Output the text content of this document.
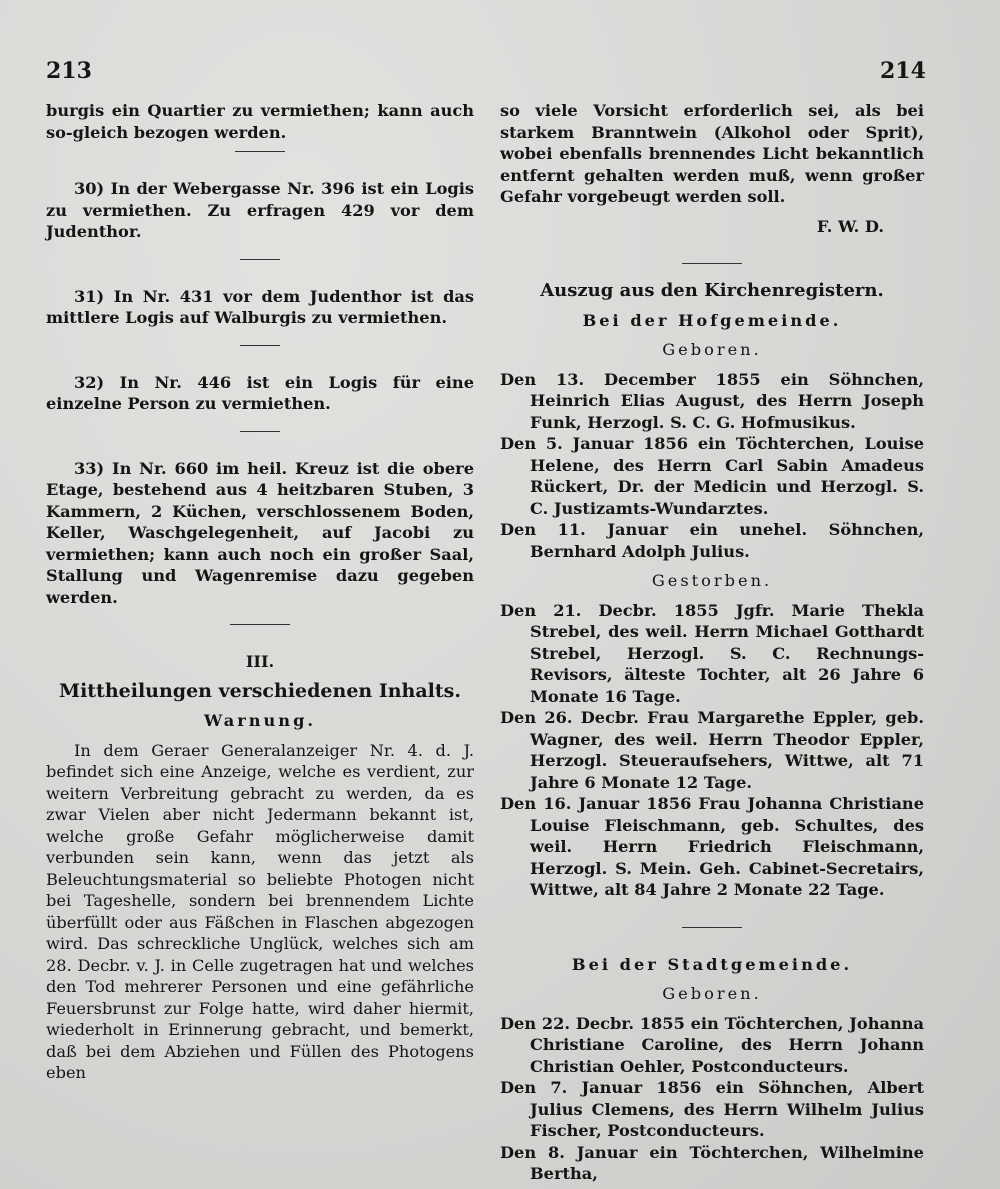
213	214

burgis ein Quartier zu vermiethen; kann auch so-gleich bezogen werden.

30) In der Webergasse Nr. 396 ist ein Logis zu vermiethen. Zu erfragen 429 vor dem Judenthor.

31) In Nr. 431 vor dem Judenthor ist das mittlere Logis auf Walburgis zu vermiethen.

32) In Nr. 446 ist ein Logis für eine einzelne Person zu vermiethen.

33) In Nr. 660 im heil. Kreuz ist die obere Etage, bestehend aus 4 heitzbaren Stuben, 3 Kammern, 2 Küchen, verschlossenem Boden, Keller, Waschgelegenheit, auf Jacobi zu vermiethen; kann auch noch ein großer Saal, Stallung und Wagenremise dazu gegeben werden.

III.
Mittheilungen verschiedenen Inhalts.
Warnung.

In dem Geraer Generalanzeiger Nr. 4. d. J. befindet sich eine Anzeige, welche es verdient, zur weitern Verbreitung gebracht zu werden, da es zwar Vielen aber nicht Jedermann bekannt ist, welche große Gefahr möglicherweise damit verbunden sein kann, wenn das jetzt als Beleuchtungsmaterial so beliebte Photogen nicht bei Tageshelle, sondern bei brennendem Lichte überfüllt oder aus Fäßchen in Flaschen abgezogen wird. Das schreckliche Unglück, welches sich am 28. Decbr. v. J. in Celle zugetragen hat und welches den Tod mehrerer Personen und eine gefährliche Feuersbrunst zur Folge hatte, wird daher hiermit, wiederholt in Erinnerung gebracht, und bemerkt, daß bei dem Abziehen und Füllen des Photogens eben

so viele Vorsicht erforderlich sei, als bei starkem Branntwein (Alkohol oder Sprit), wobei ebenfalls brennendes Licht bekanntlich entfernt gehalten werden muß, wenn großer Gefahr vorgebeugt werden soll.

F. W. D.
Auszug aus den Kirchenregistern.
Bei der Hofgemeinde.
Geboren.

Den 13. December 1855 ein Söhnchen, Heinrich Elias August, des Herrn Joseph Funk, Herzogl. S. C. G. Hofmusikus.

Den 5. Januar 1856 ein Töchterchen, Louise Helene, des Herrn Carl Sabin Amadeus Rückert, Dr. der Medicin und Herzogl. S. C. Justizamts-Wundarztes.

Den 11. Januar ein unehel. Söhnchen, Bernhard Adolph Julius.

Gestorben.

Den 21. Decbr. 1855 Jgfr. Marie Thekla Strebel, des weil. Herrn Michael Gotthardt Strebel, Herzogl. S. C. Rechnungs-Revisors, älteste Tochter, alt 26 Jahre 6 Monate 16 Tage.

Den 26. Decbr. Frau Margarethe Eppler, geb. Wagner, des weil. Herrn Theodor Eppler, Herzogl. Steueraufsehers, Wittwe, alt 71 Jahre 6 Monate 12 Tage.

Den 16. Januar 1856 Frau Johanna Christiane Louise Fleischmann, geb. Schultes, des weil. Herrn Friedrich Fleischmann, Herzogl. S. Mein. Geh. Cabinet-Secretairs, Wittwe, alt 84 Jahre 2 Monate 22 Tage.

Bei der Stadtgemeinde.
Geboren.

Den 22. Decbr. 1855 ein Töchterchen, Johanna Christiane Caroline, des Herrn Johann Christian Oehler, Postconducteurs.

Den 7. Januar 1856 ein Söhnchen, Albert Julius Clemens, des Herrn Wilhelm Julius Fischer, Postconducteurs.

Den 8. Januar ein Töchterchen, Wilhelmine Bertha,
